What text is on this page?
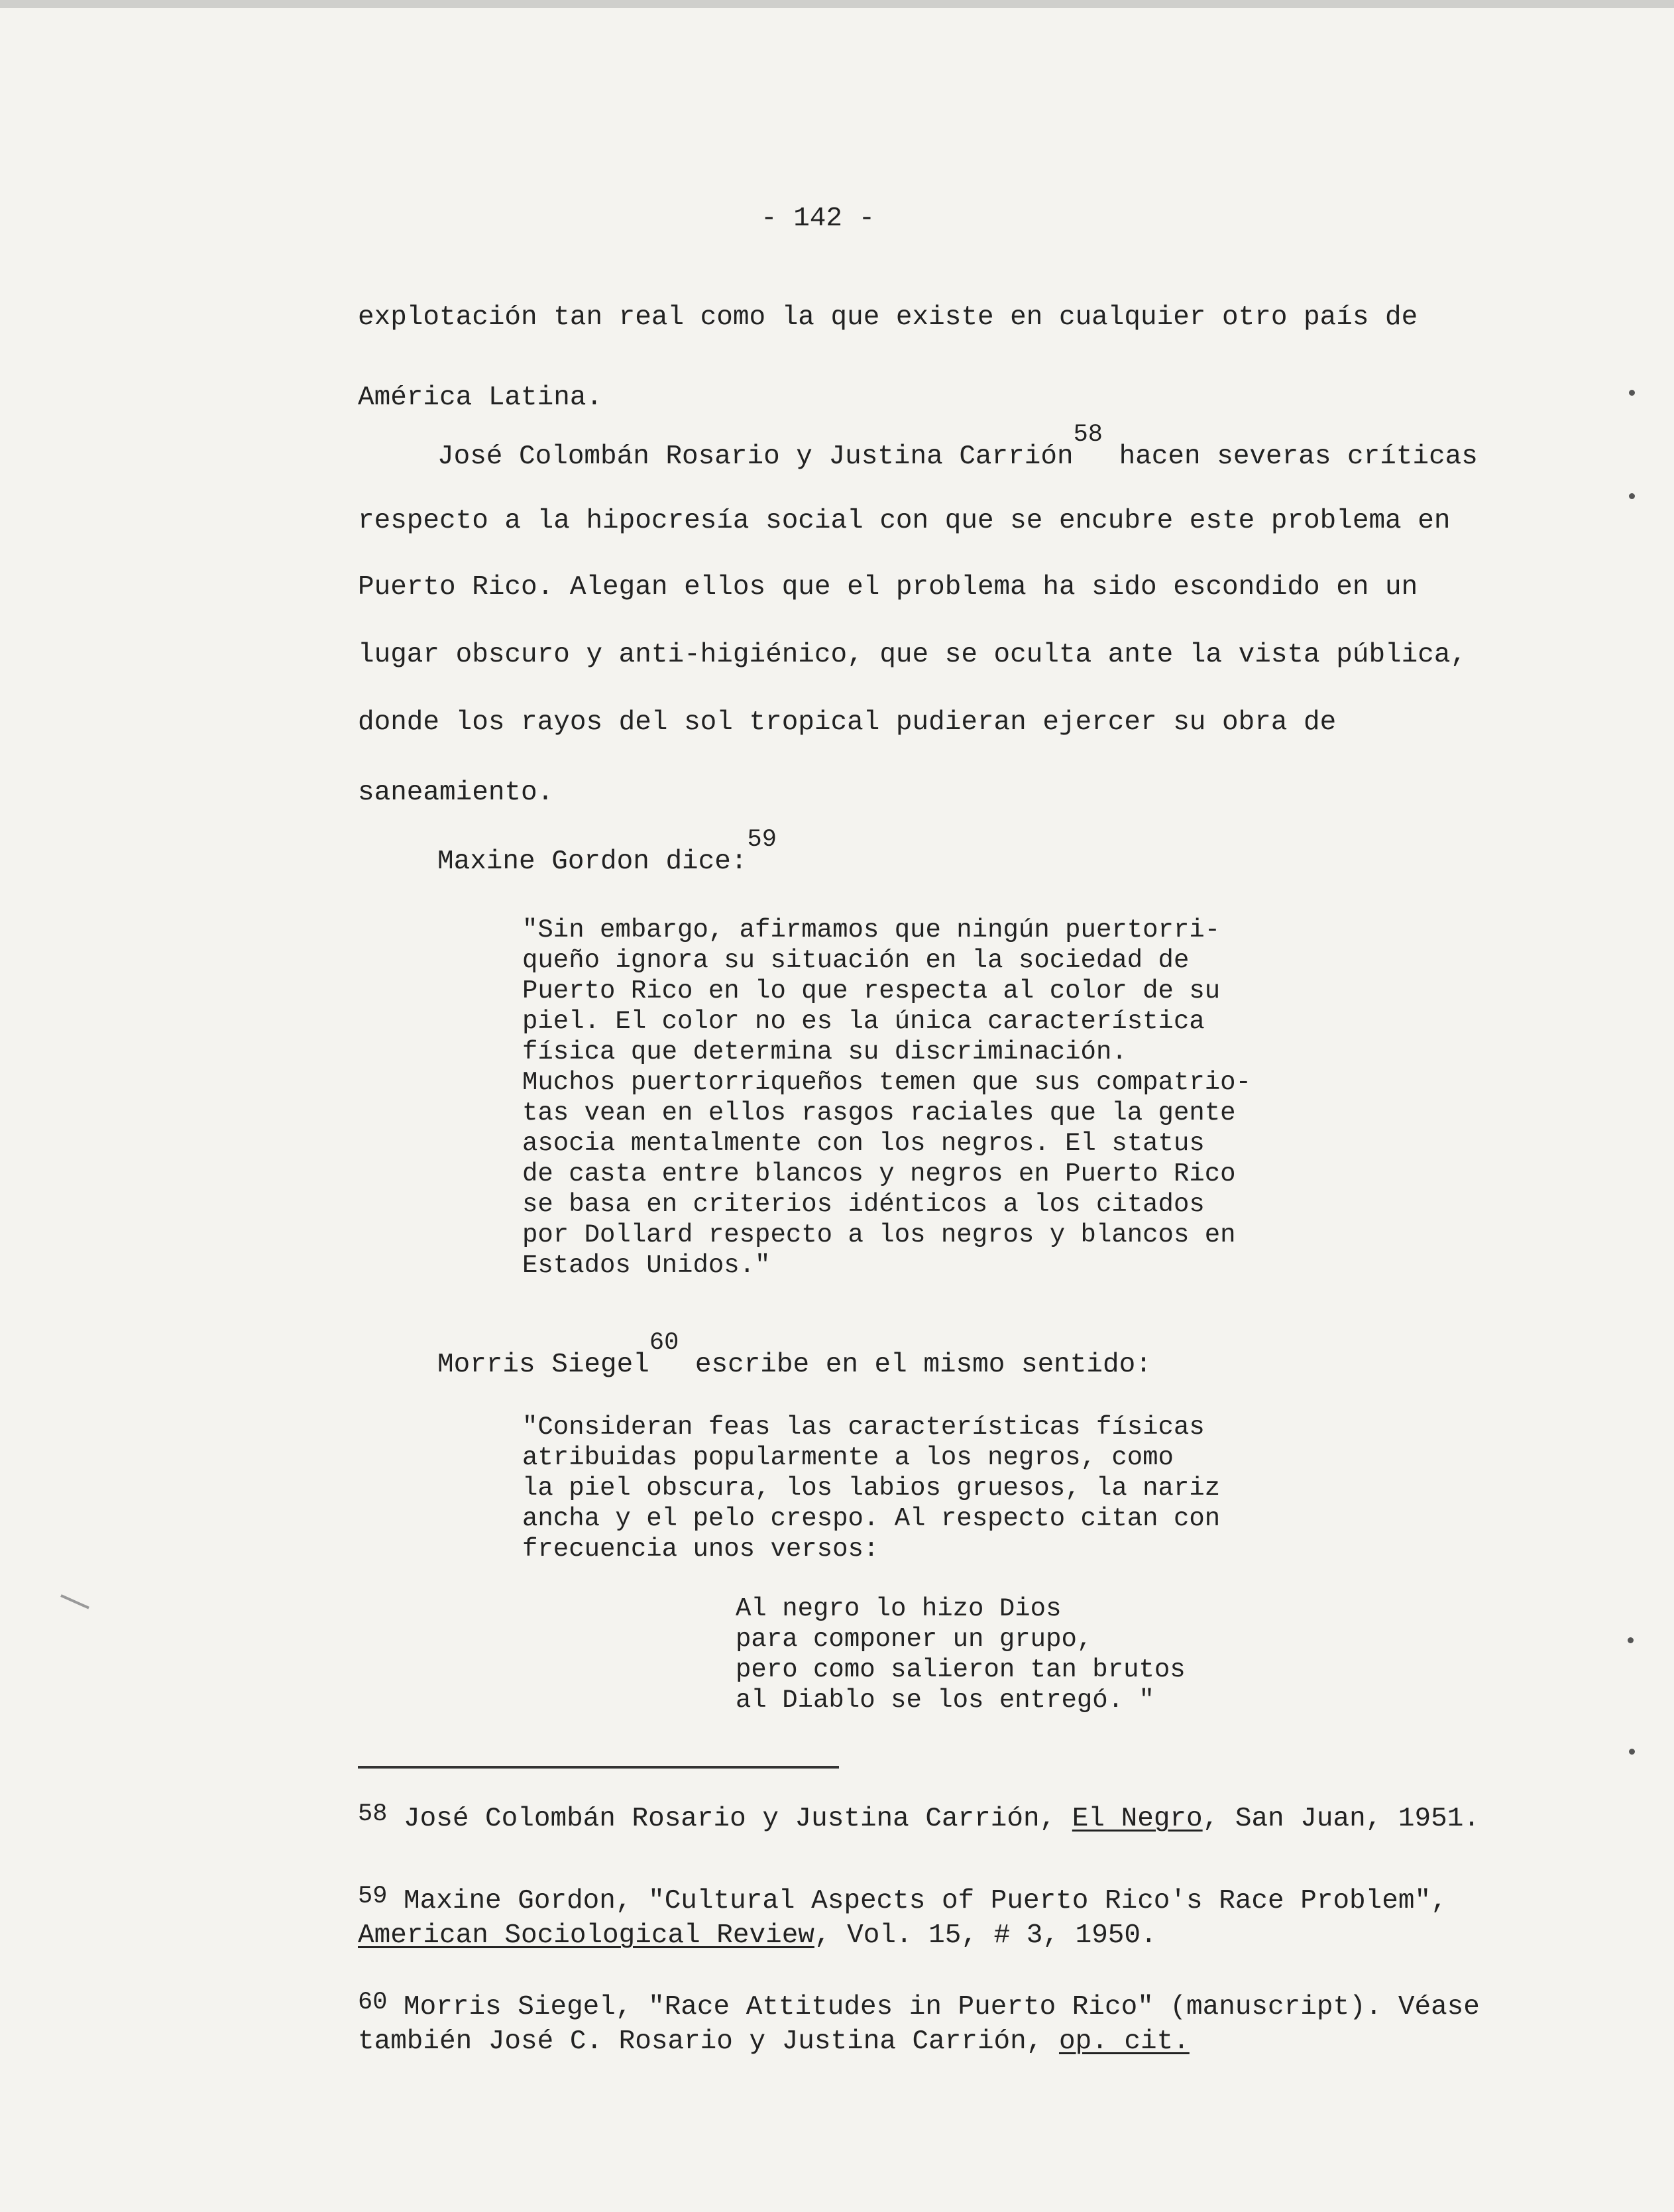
- 142 -
explotación tan real como la que existe en cualquier otro país de
América Latina.
José Colombán Rosario y Justina Carrión58 hacen severas críticas
respecto a la hipocresía social con que se encubre este problema en
Puerto Rico. Alegan ellos que el problema ha sido escondido en un
lugar obscuro y anti-higiénico, que se oculta ante la vista pública,
donde los rayos del sol tropical pudieran ejercer su obra de
saneamiento.
Maxine Gordon dice:59
"Sin embargo, afirmamos que ningún puertorri-
queño ignora su situación en la sociedad de
Puerto Rico en lo que respecta al color de su
piel. El color no es la única característica
física que determina su discriminación.
Muchos puertorriqueños temen que sus compatrio-
tas vean en ellos rasgos raciales que la gente
asocia mentalmente con los negros. El status
de casta entre blancos y negros en Puerto Rico
se basa en criterios idénticos a los citados
por Dollard respecto a los negros y blancos en
Estados Unidos."
Morris Siegel60 escribe en el mismo sentido:
"Consideran feas las características físicas
atribuidas popularmente a los negros, como
la piel obscura, los labios gruesos, la nariz
ancha y el pelo crespo. Al respecto citan con
frecuencia unos versos:
Al negro lo hizo Dios
para componer un grupo,
pero como salieron tan brutos
al Diablo se los entregó. "
58 José Colombán Rosario y Justina Carrión, El Negro, San Juan, 1951.
59 Maxine Gordon, "Cultural Aspects of Puerto Rico's Race Problem",
American Sociological Review, Vol. 15, # 3, 1950.
60 Morris Siegel, "Race Attitudes in Puerto Rico" (manuscript). Véase
también José C. Rosario y Justina Carrión, op. cit.
